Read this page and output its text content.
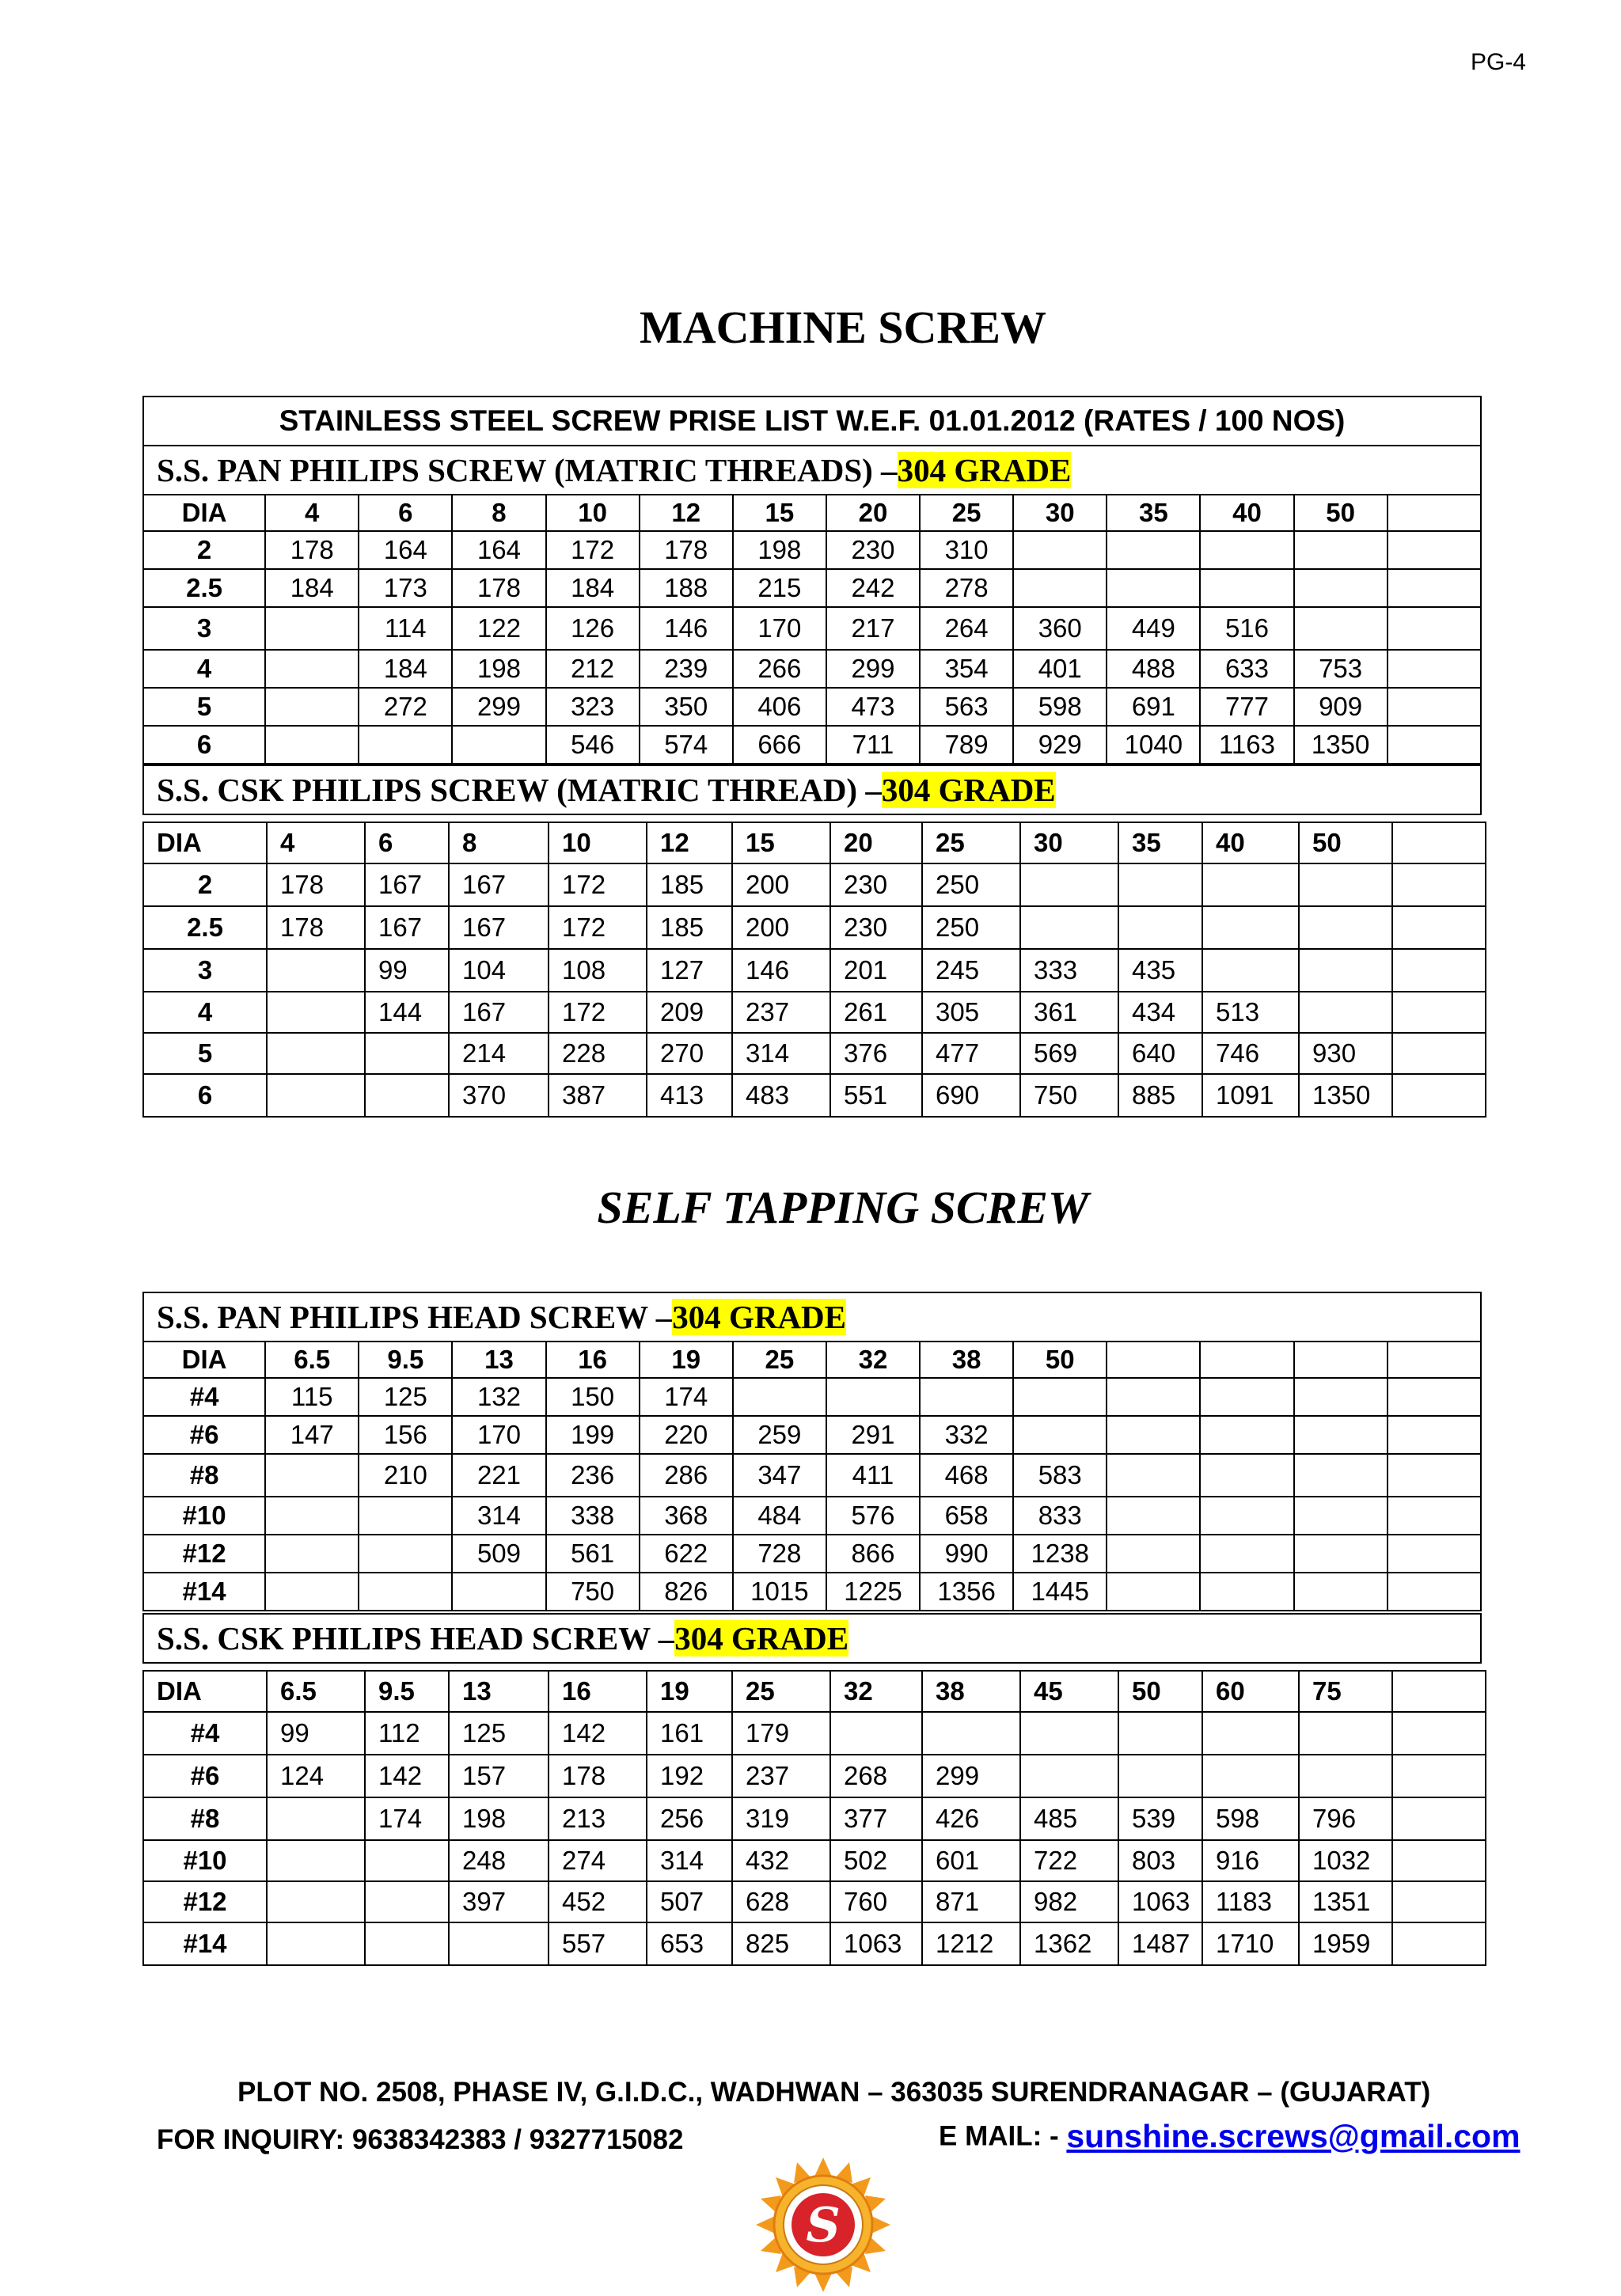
PG-4
MACHINE SCREW
STAINLESS STEEL SCREW PRISE LIST W.E.F. 01.01.2012 (RATES / 100 NOS)
S.S. PAN PHILIPS SCREW (MATRIC THREADS) –304 GRADE
DIA	4	6	8	10	12	15	20	25	30	35	40	50	
2	178	164	164	172	178	198	230	310					
2.5	184	173	178	184	188	215	242	278					
3		114	122	126	146	170	217	264	360	449	516		
4		184	198	212	239	266	299	354	401	488	633	753	
5		272	299	323	350	406	473	563	598	691	777	909	
6				546	574	666	711	789	929	1040	1163	1350	
S.S. CSK PHILIPS SCREW (MATRIC THREAD) –304 GRADE
DIA	4	6	8	10	12	15	20	25	30	35	40	50	
2	178	167	167	172	185	200	230	250					
2.5	178	167	167	172	185	200	230	250					
3		99	104	108	127	146	201	245	333	435			
4		144	167	172	209	237	261	305	361	434	513		
5			214	228	270	314	376	477	569	640	746	930	
6			370	387	413	483	551	690	750	885	1091	1350	
SELF TAPPING SCREW
S.S. PAN PHILIPS HEAD SCREW –304 GRADE
DIA	6.5	9.5	13	16	19	25	32	38	50				
#4	115	125	132	150	174								
#6	147	156	170	199	220	259	291	332					
#8		210	221	236	286	347	411	468	583				
#10			314	338	368	484	576	658	833				
#12			509	561	622	728	866	990	1238				
#14				750	826	1015	1225	1356	1445				
S.S. CSK PHILIPS HEAD SCREW –304 GRADE
DIA	6.5	9.5	13	16	19	25	32	38	45	50	60	75	
#4	99	112	125	142	161	179							
#6	124	142	157	178	192	237	268	299					
#8		174	198	213	256	319	377	426	485	539	598	796	
#10			248	274	314	432	502	601	722	803	916	1032	
#12			397	452	507	628	760	871	982	1063	1183	1351	
#14				557	653	825	1063	1212	1362	1487	1710	1959	
PLOT NO. 2508, PHASE IV, G.I.D.C., WADHWAN – 363035 SURENDRANAGAR – (GUJARAT)
FOR INQUIRY: 9638342383 / 9327715082	E MAIL: - sunshine.screws@gmail.com
S
